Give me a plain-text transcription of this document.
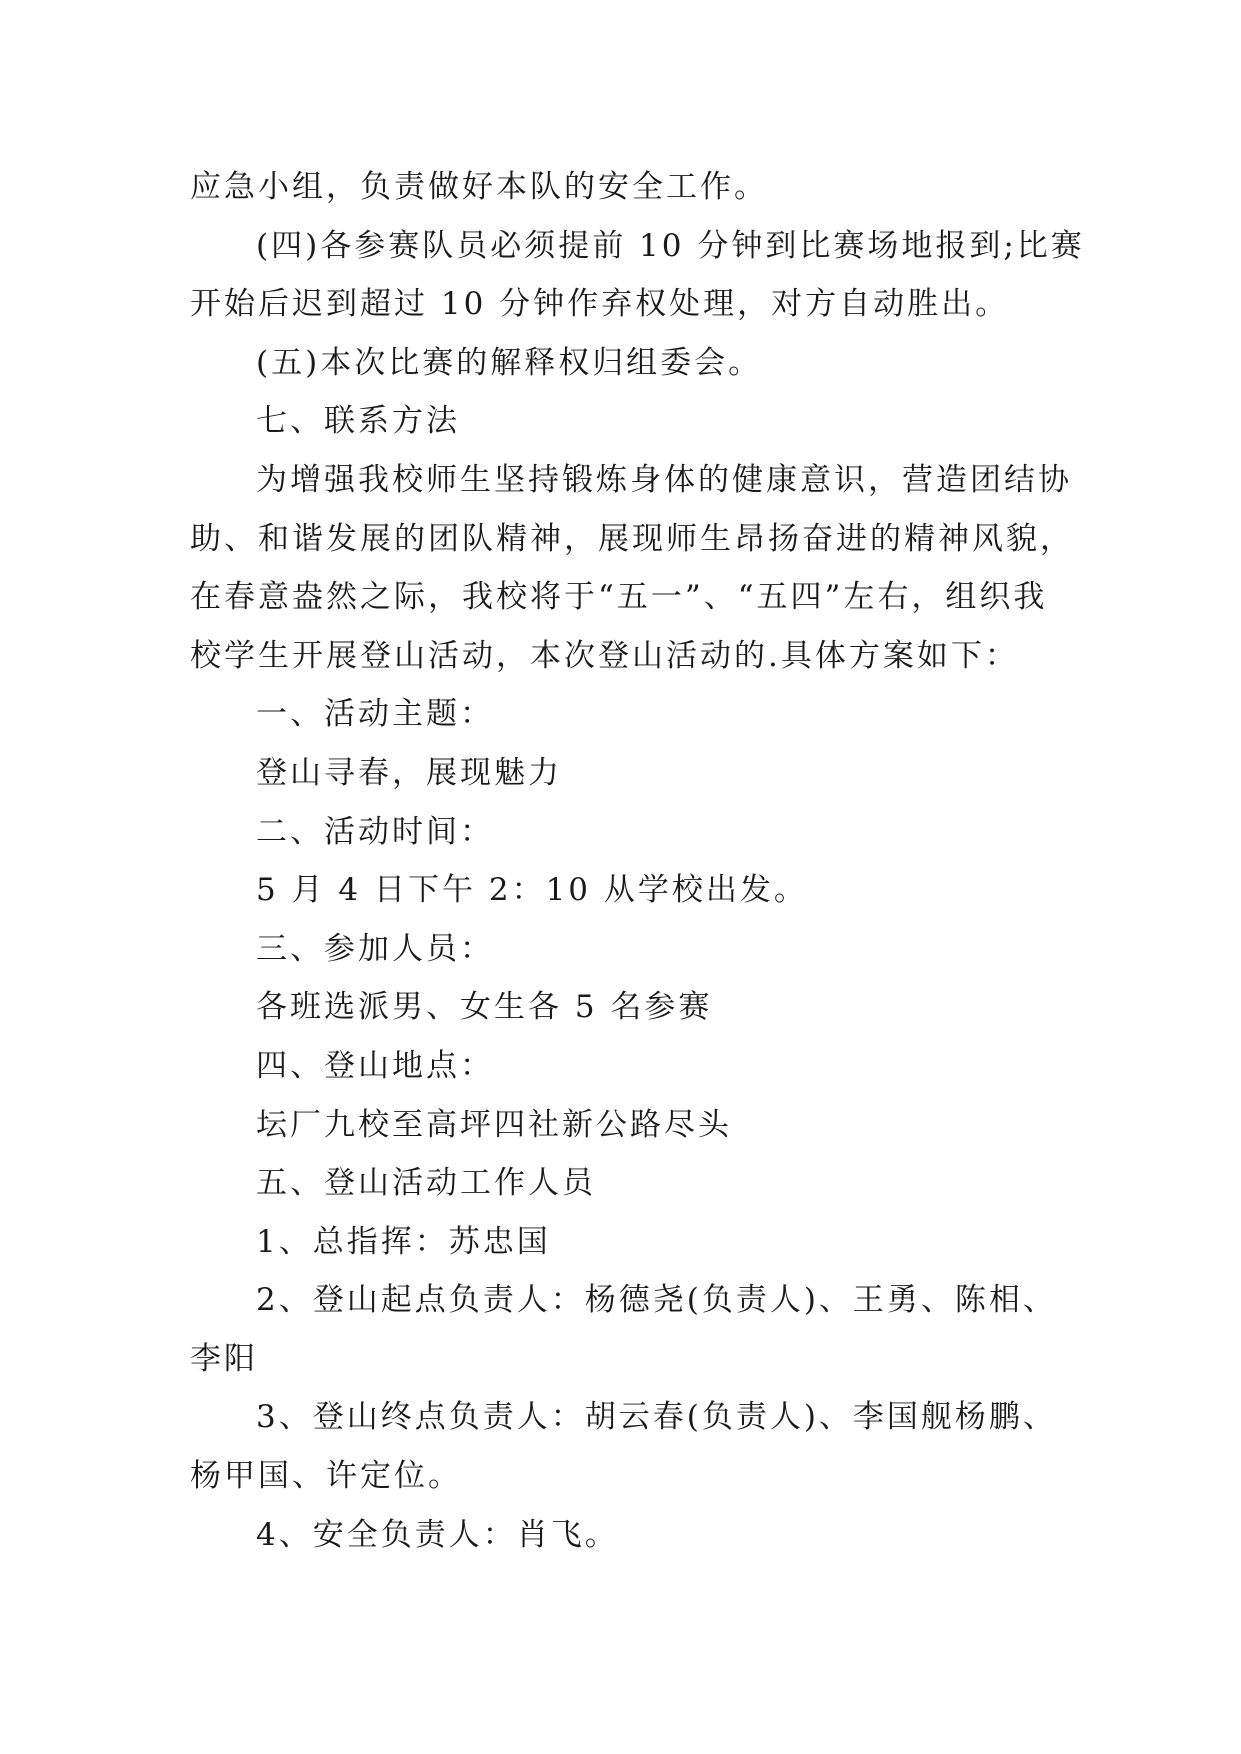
应急小组，负责做好本队的安全工作。
(四)各参赛队员必须提前 10 分钟到比赛场地报到;比赛
开始后迟到超过 10 分钟作弃权处理，对方自动胜出。
(五)本次比赛的解释权归组委会。
七、联系方法
为增强我校师生坚持锻炼身体的健康意识，营造团结协
助、和谐发展的团队精神，展现师生昂扬奋进的精神风貌，
在春意盎然之际，我校将于“五一”、“五四”左右，组织我
校学生开展登山活动，本次登山活动的.具体方案如下：
一、活动主题：
登山寻春，展现魅力
二、活动时间：
5 月 4 日下午 2：10 从学校出发。
三、参加人员：
各班选派男、女生各 5 名参赛
四、登山地点：
坛厂九校至高坪四社新公路尽头
五、登山活动工作人员
1、总指挥：苏忠国
2、登山起点负责人：杨德尧(负责人)、王勇、陈相、
李阳
3、登山终点负责人：胡云春(负责人)、李国舰杨鹏、
杨甲国、许定位。
4、安全负责人：肖飞。
